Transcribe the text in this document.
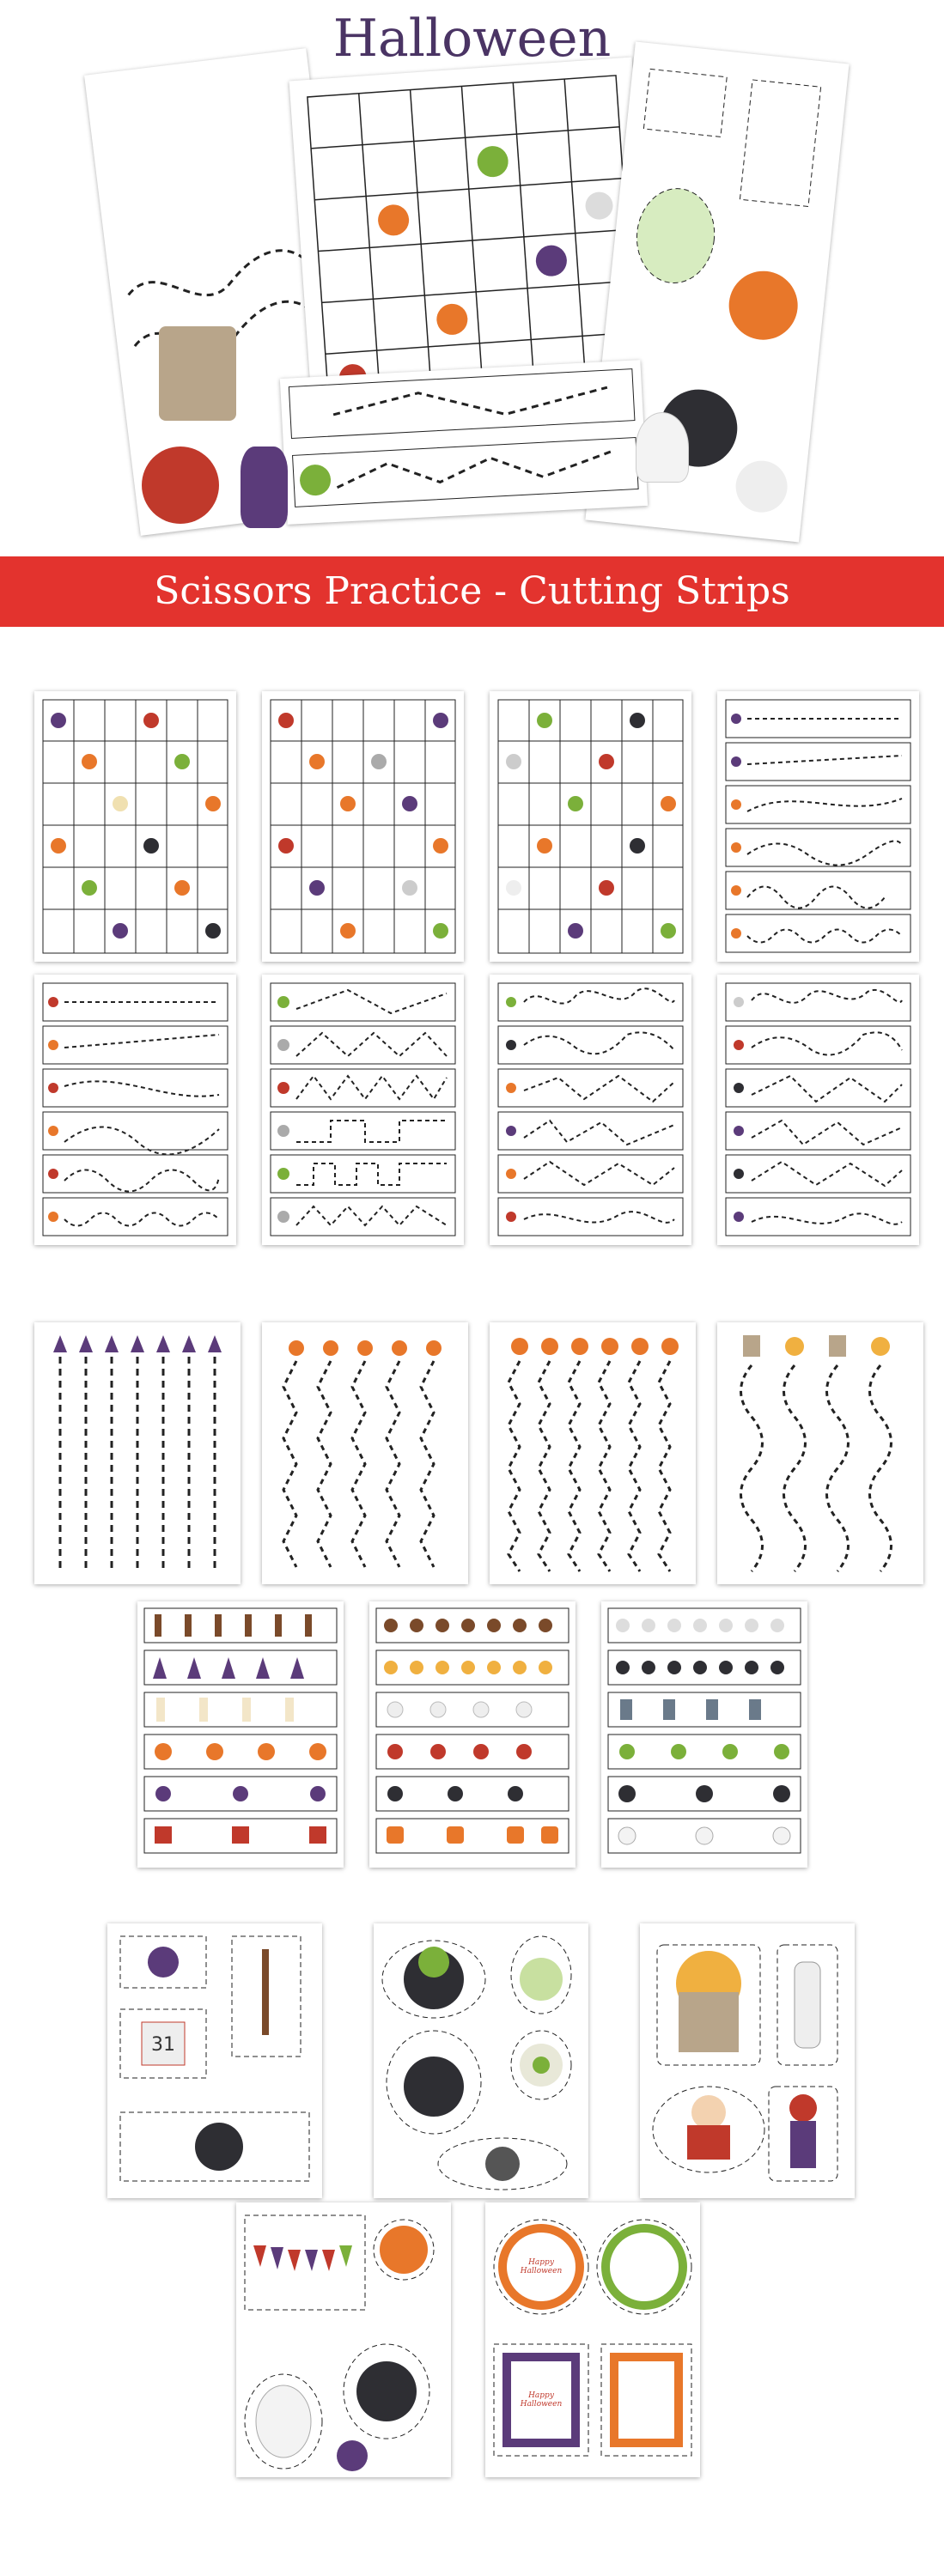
Halloween
Scissors Practice - Cutting Strips
31
Happy Halloween
Happy Halloween
